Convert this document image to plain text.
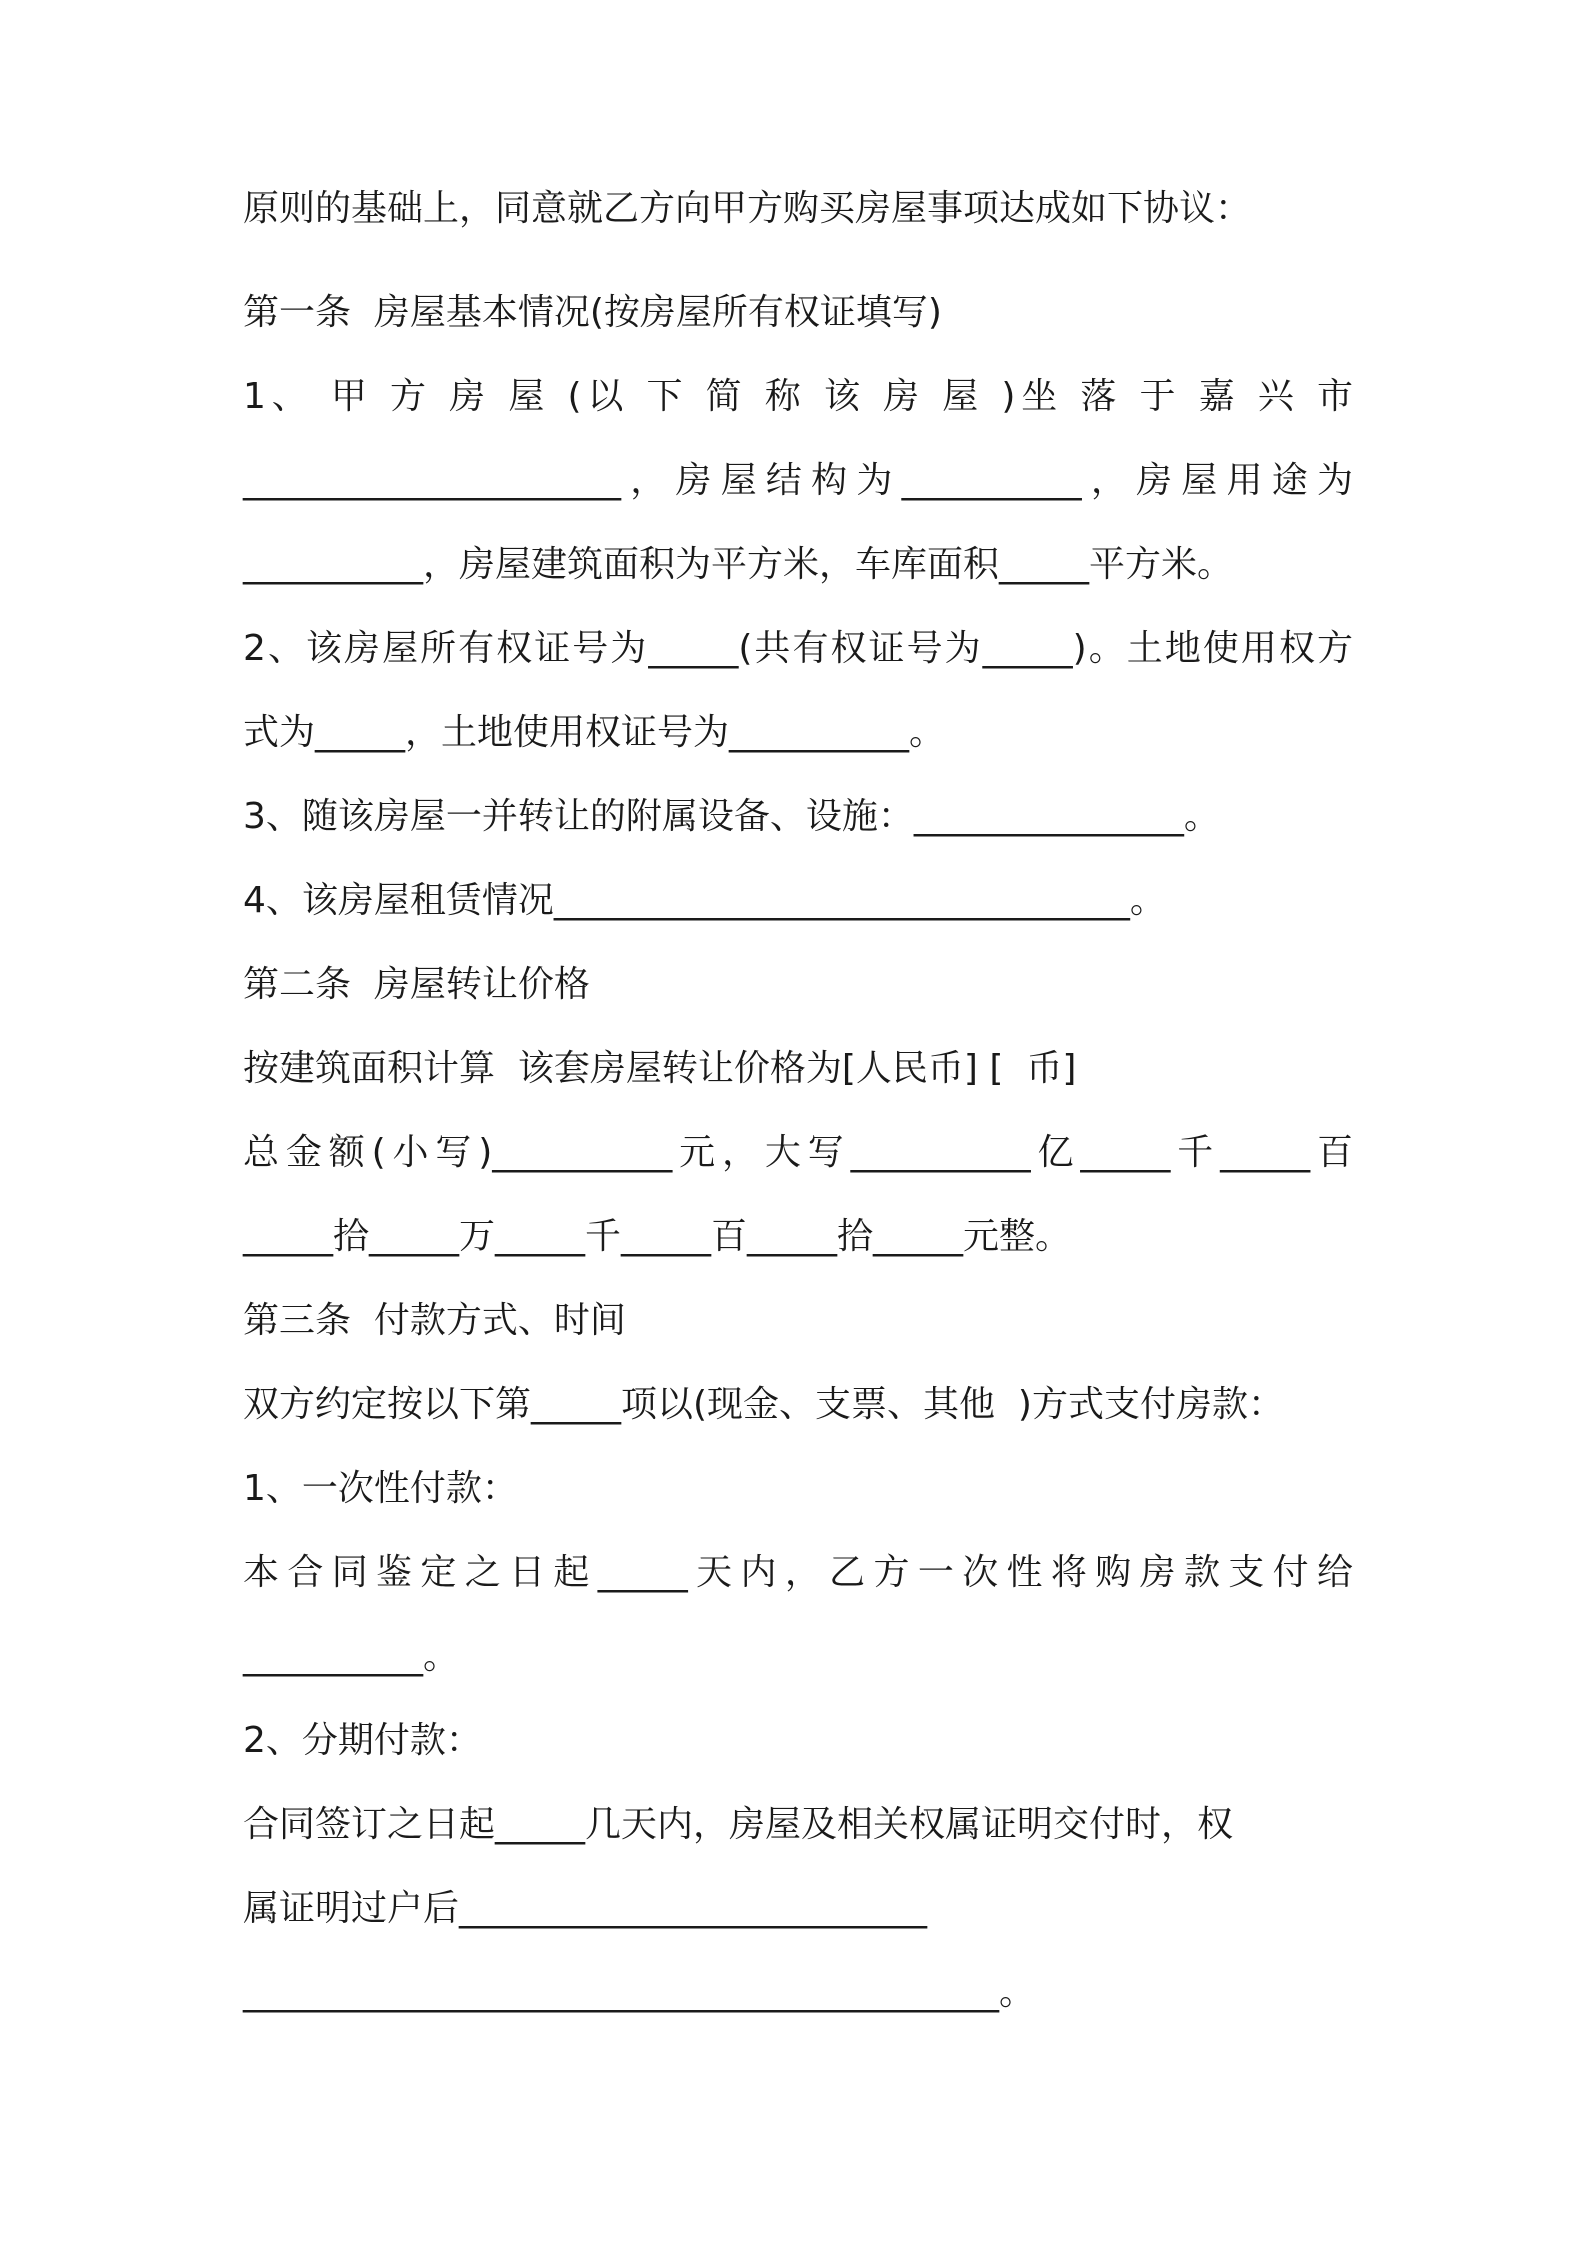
原则的基础上，同意就乙方向甲方购买房屋事项达成如下协议：
第一条  房屋基本情况(按房屋所有权证填写)
1、 甲 方 房 屋 (以 下 简 称 该 房 屋 )坐 落 于 嘉 兴 市
_____________________，房屋结构为__________，房屋用途为
__________，房屋建筑面积为平方米，车库面积_____平方米。
2、该房屋所有权证号为_____(共有权证号为_____)。土地使用权方
式为_____，土地使用权证号为__________。
3、随该房屋一并转让的附属设备、设施：_______________。
4、该房屋租赁情况________________________________。
第二条  房屋转让价格
按建筑面积计算  该套房屋转让价格为[人民币] [  币]
总金额(小写)__________元，大写__________亿_____千_____百
_____拾_____万_____千_____百_____拾_____元整。
第三条  付款方式、时间
双方约定按以下第_____项以(现金、支票、其他  )方式支付房款：
1、一次性付款：
本合同鉴定之日起_____天内，乙方一次性将购房款支付给
__________。
2、分期付款：
合同签订之日起_____几天内，房屋及相关权属证明交付时，权
属证明过户后__________________________
__________________________________________。
